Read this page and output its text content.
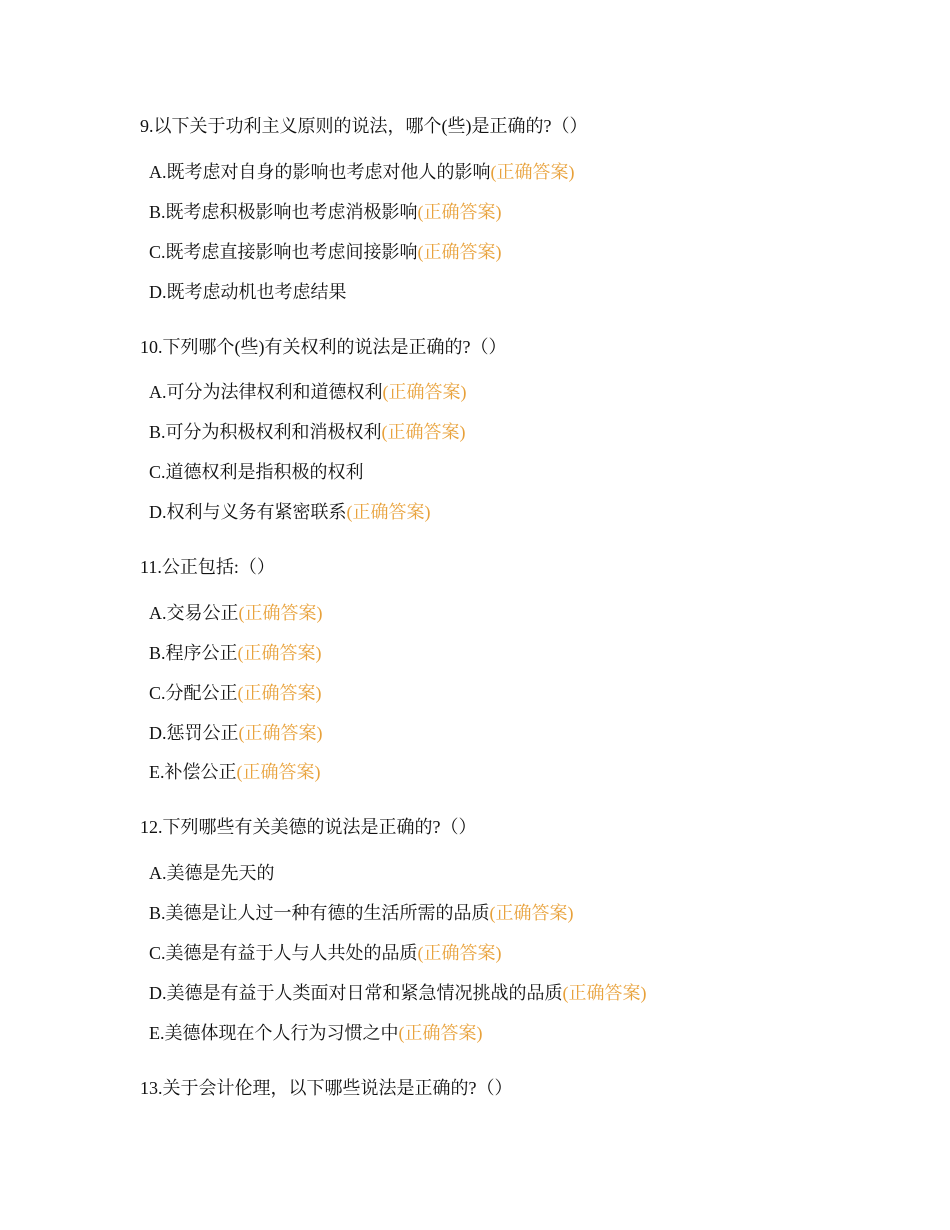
9.以下关于功利主义原则的说法，哪个(些)是正确的?（）
A.既考虑对自身的影响也考虑对他人的影响(正确答案)
B.既考虑积极影响也考虑消极影响(正确答案)
C.既考虑直接影响也考虑间接影响(正确答案)
D.既考虑动机也考虑结果
10.下列哪个(些)有关权利的说法是正确的?（）
A.可分为法律权利和道德权利(正确答案)
B.可分为积极权利和消极权利(正确答案)
C.道德权利是指积极的权利
D.权利与义务有紧密联系(正确答案)
11.公正包括:（）
A.交易公正(正确答案)
B.程序公正(正确答案)
C.分配公正(正确答案)
D.惩罚公正(正确答案)
E.补偿公正(正确答案)
12.下列哪些有关美德的说法是正确的?（）
A.美德是先天的
B.美德是让人过一种有德的生活所需的品质(正确答案)
C.美德是有益于人与人共处的品质(正确答案)
D.美德是有益于人类面对日常和紧急情况挑战的品质(正确答案)
E.美德体现在个人行为习惯之中(正确答案)
13.关于会计伦理，以下哪些说法是正确的?（）
